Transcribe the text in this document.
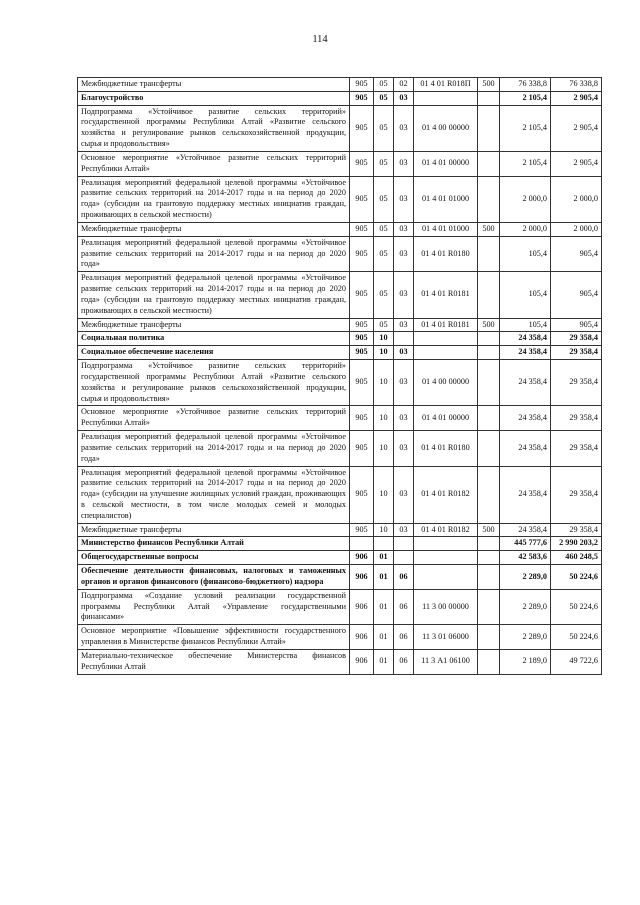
114
Межбюджетные трансферты	905	05	02	01 4 01 R018П	500	76 338,8	76 338,8
Благоустройство	905	05	03			2 105,4	2 905,4
Подпрограмма «Устойчивое развитие сельских территорий» государственной программы Республики Алтай «Развитие сельского хозяйства и регулирование рынков сельскохозяйственной продукции, сырья и продовольствия»	905	05	03	01 4 00 00000		2 105,4	2 905,4
Основное мероприятие «Устойчивое развитие сельских территорий Республики Алтай»	905	05	03	01 4 01 00000		2 105,4	2 905,4
Реализация мероприятий федеральной целевой программы «Устойчивое развитие сельских территорий на 2014-2017 годы и на период до 2020 года» (субсидии на грантовую поддержку местных инициатив граждан, проживающих в сельской местности)	905	05	03	01 4 01 01000		2 000,0	2 000,0
Межбюджетные трансферты	905	05	03	01 4 01 01000	500	2 000,0	2 000,0
Реализация мероприятий федеральной целевой программы «Устойчивое развитие сельских территорий на 2014-2017 годы и на период до 2020 года»	905	05	03	01 4 01 R0180		105,4	905,4
Реализация мероприятий федеральной целевой программы «Устойчивое развитие сельских территорий на 2014-2017 годы и на период до 2020 года» (субсидии на грантовую поддержку местных инициатив граждан, проживающих в сельской местности)	905	05	03	01 4 01 R0181		105,4	905,4
Межбюджетные трансферты	905	05	03	01 4 01 R0181	500	105,4	905,4
Социальная политика	905	10				24 358,4	29 358,4
Социальное обеспечение населения	905	10	03			24 358,4	29 358,4
Подпрограмма «Устойчивое развитие сельских территорий» государственной программы Республики Алтай «Развитие сельского хозяйства и регулирование рынков сельскохозяйственной продукции, сырья и продовольствия»	905	10	03	01 4 00 00000		24 358,4	29 358,4
Основное мероприятие «Устойчивое развитие сельских территорий Республики Алтай»	905	10	03	01 4 01 00000		24 358,4	29 358,4
Реализация мероприятий федеральной целевой программы «Устойчивое развитие сельских территорий на 2014-2017 годы и на период до 2020 года»	905	10	03	01 4 01 R0180		24 358,4	29 358,4
Реализация мероприятий федеральной целевой программы «Устойчивое развитие сельских территорий на 2014-2017 годы и на период до 2020 года» (субсидии на улучшение жилищных условий граждан, проживающих в сельской местности, в том числе молодых семей и молодых специалистов)	905	10	03	01 4 01 R0182		24 358,4	29 358,4
Межбюджетные трансферты	905	10	03	01 4 01 R0182	500	24 358,4	29 358,4
Министерство финансов Республики Алтай						445 777,6	2 990 203,2
Общегосударственные вопросы	906	01				42 583,6	460 248,5
Обеспечение деятельности финансовых, налоговых и таможенных органов и органов финансового (финансово-бюджетного) надзора	906	01	06			2 289,0	50 224,6
Подпрограмма «Создание условий реализации государственной программы Республики Алтай «Управление государственными финансами»	906	01	06	11 3 00 00000		2 289,0	50 224,6
Основное мероприятие «Повышение эффективности государственного управления в Министерстве финансов Республики Алтай»	906	01	06	11 3 01 06000		2 289,0	50 224,6
Материально-техническое обеспечение Министерства финансов Республики Алтай	906	01	06	11 3 А1 06100		2 189,0	49 722,6
